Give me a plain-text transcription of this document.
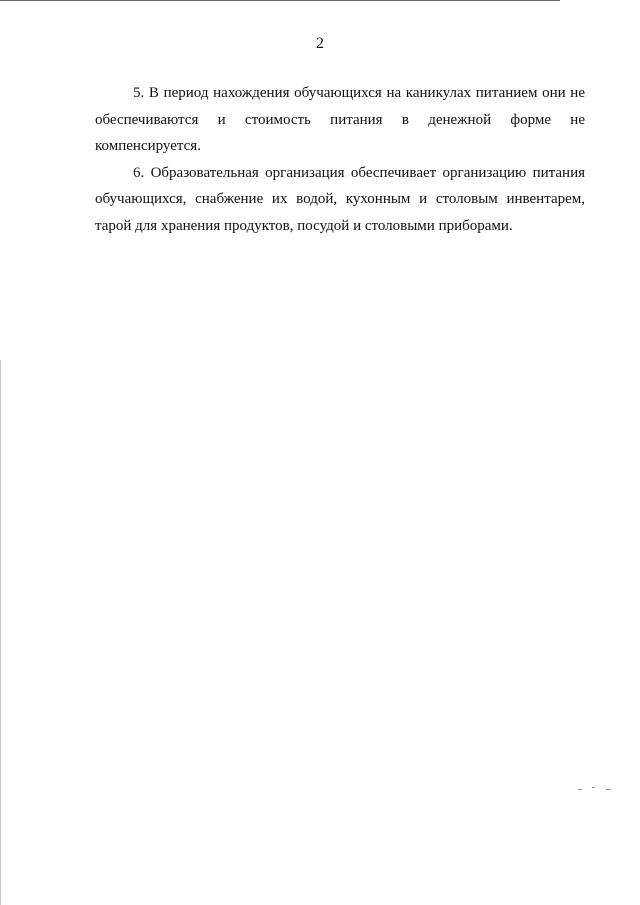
2

5. В период нахождения обучающихся на каникулах питанием они не
обеспечиваются и стоимость питания в денежной форме не
компенсируется.

6. Образовательная организация обеспечивает организацию питания
обучающихся, снабжение их водой, кухонным и столовым инвентарем,
тарой для хранения продуктов, посудой и столовыми приборами.
